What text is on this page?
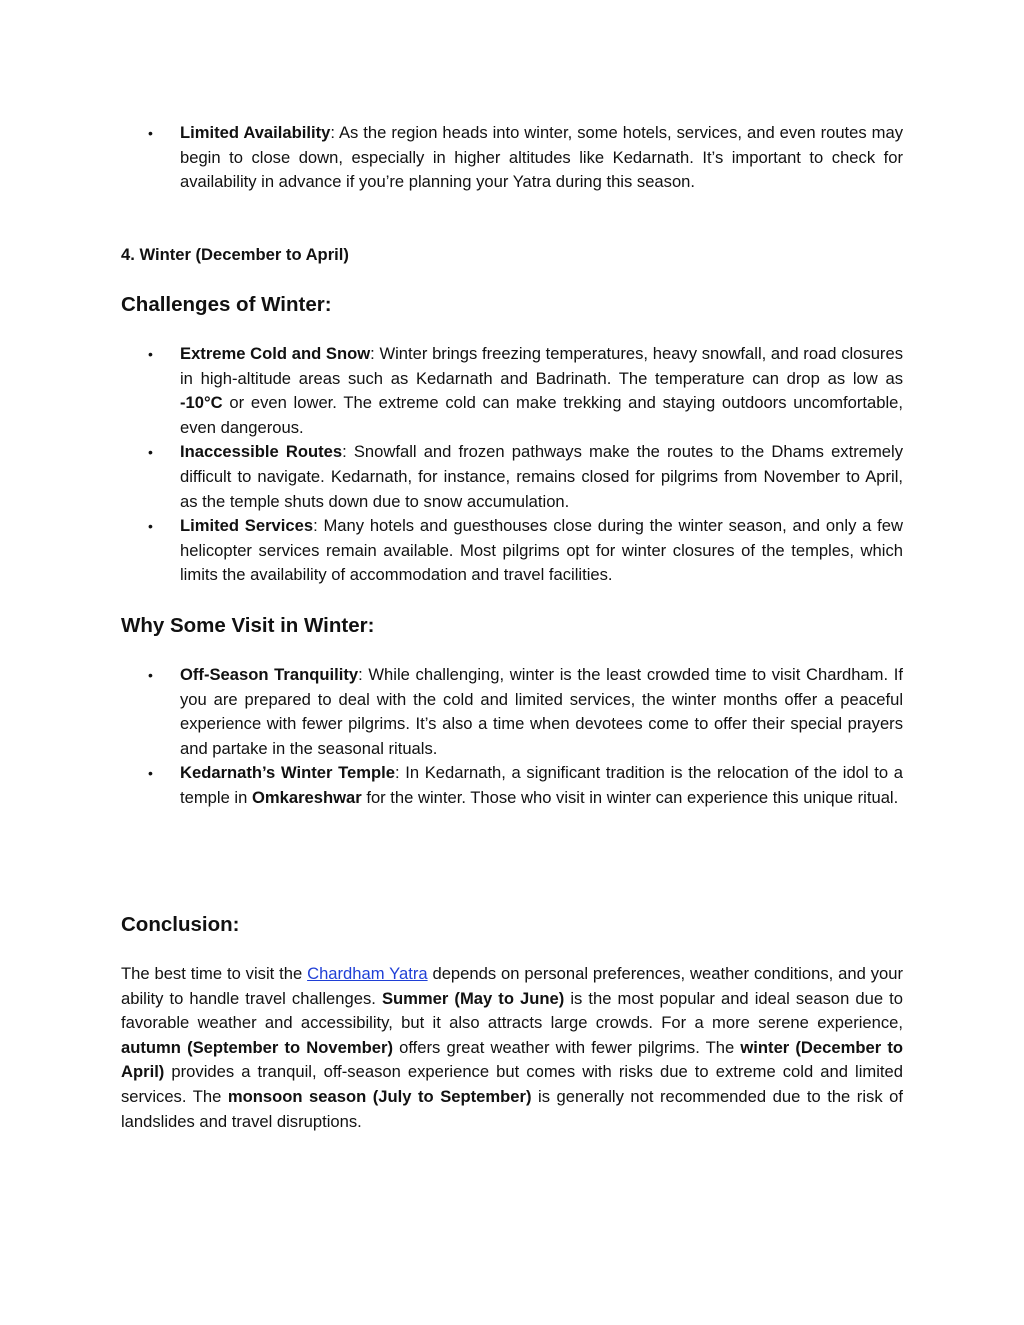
• Limited Availability: As the region heads into winter, some hotels, services, and even routes may begin to close down, especially in higher altitudes like Kedarnath. It’s important to check for availability in advance if you’re planning your Yatra during this season.
4. Winter (December to April)
Challenges of Winter:
• Extreme Cold and Snow: Winter brings freezing temperatures, heavy snowfall, and road closures in high-altitude areas such as Kedarnath and Badrinath. The temperature can drop as low as -10°C or even lower. The extreme cold can make trekking and staying outdoors uncomfortable, even dangerous.
• Inaccessible Routes: Snowfall and frozen pathways make the routes to the Dhams extremely difficult to navigate. Kedarnath, for instance, remains closed for pilgrims from November to April, as the temple shuts down due to snow accumulation.
• Limited Services: Many hotels and guesthouses close during the winter season, and only a few helicopter services remain available. Most pilgrims opt for winter closures of the temples, which limits the availability of accommodation and travel facilities.
Why Some Visit in Winter:
• Off-Season Tranquility: While challenging, winter is the least crowded time to visit Chardham. If you are prepared to deal with the cold and limited services, the winter months offer a peaceful experience with fewer pilgrims. It’s also a time when devotees come to offer their special prayers and partake in the seasonal rituals.
• Kedarnath’s Winter Temple: In Kedarnath, a significant tradition is the relocation of the idol to a temple in Omkareshwar for the winter. Those who visit in winter can experience this unique ritual.
Conclusion:

The best time to visit the Chardham Yatra depends on personal preferences, weather conditions, and your ability to handle travel challenges. Summer (May to June) is the most popular and ideal season due to favorable weather and accessibility, but it also attracts large crowds. For a more serene experience, autumn (September to November) offers great weather with fewer pilgrims. The winter (December to April) provides a tranquil, off-season experience but comes with risks due to extreme cold and limited services. The monsoon season (July to September) is generally not recommended due to the risk of landslides and travel disruptions.
